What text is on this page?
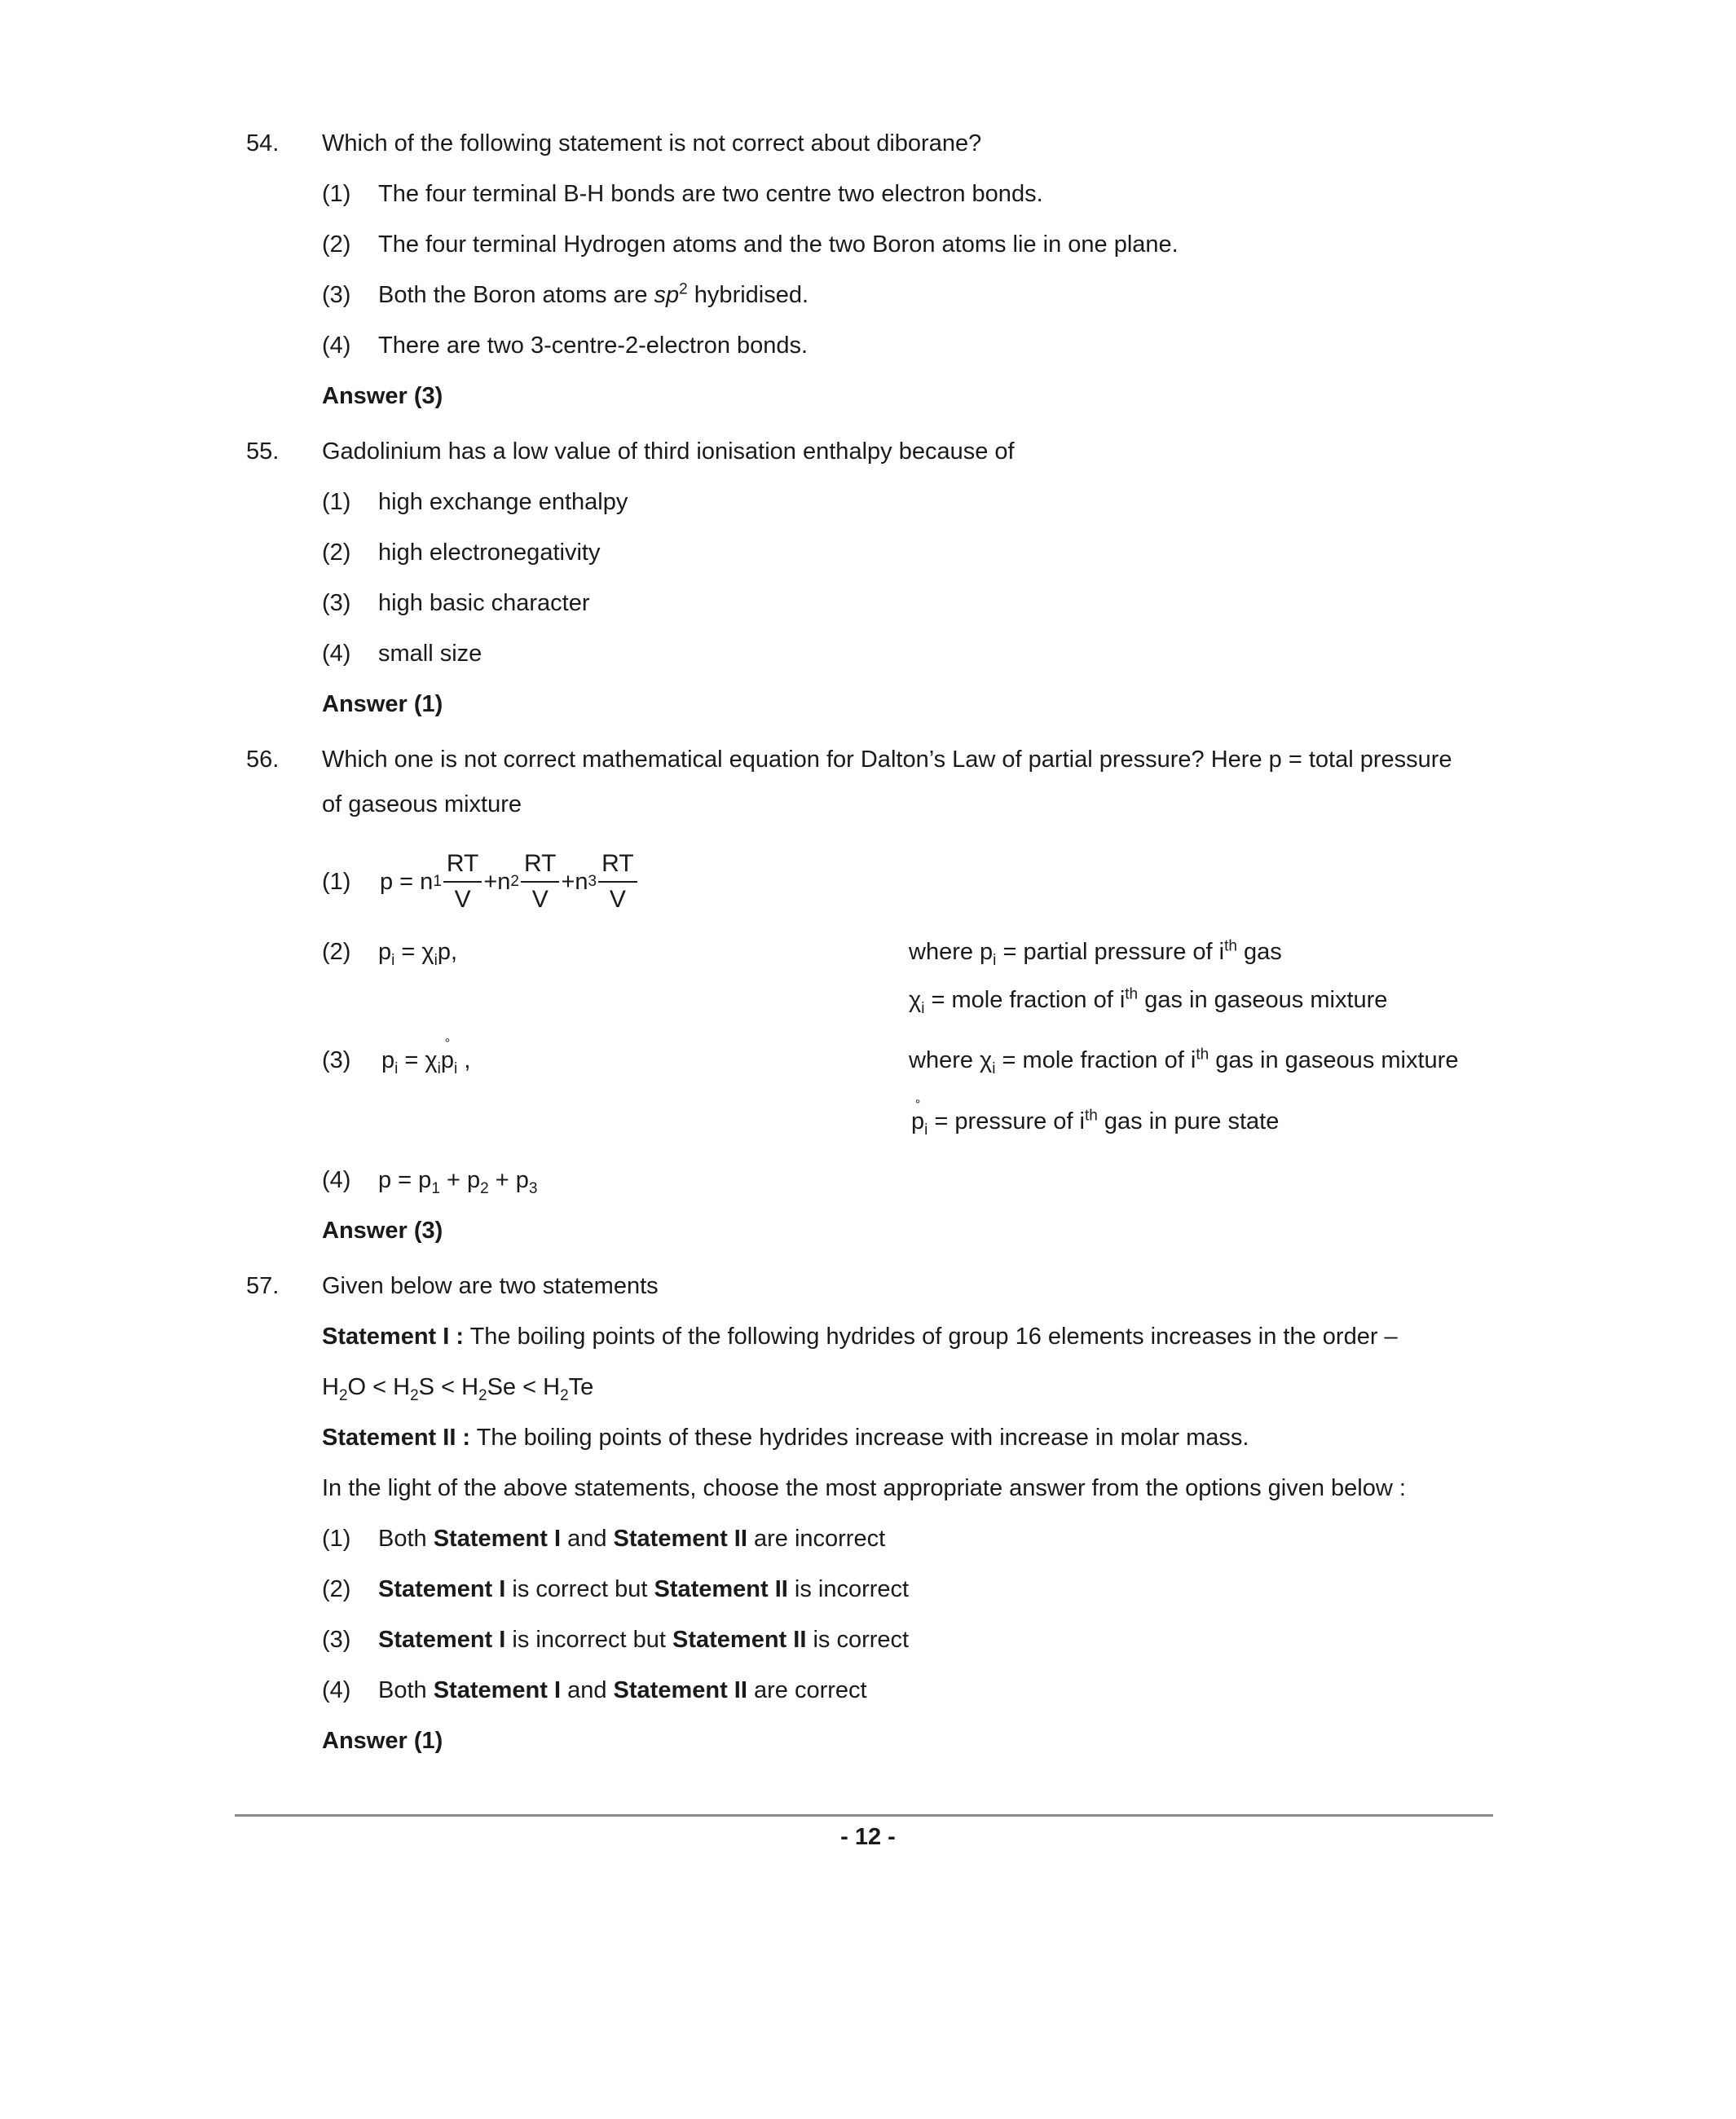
54. Which of the following statement is not correct about diborane?
(1) The four terminal B-H bonds are two centre two electron bonds.
(2) The four terminal Hydrogen atoms and the two Boron atoms lie in one plane.
(3) Both the Boron atoms are $sp^2$ hybridised.
(4) There are two 3-centre-2-electron bonds.
Answer (3)
55. Gadolinium has a low value of third ionisation enthalpy because of
(1) high exchange enthalpy
(2) high electronegativity
(3) high basic character
(4) small size
Answer (1)
56. Which one is not correct mathematical equation for Dalton’s Law of partial pressure? Here p = total pressure
of gaseous mixture
(1) p = n $1 \frac{RT}{V} +n$ $2 \frac{RT}{V} +n$ $3 \frac{RT}{V}$
(2) $p_i = \chi_ip$,	where $p_i$ = partial pressure of $i^{th}$ gas
$\chi_i$ = mole fraction of $i^{th}$ gas in gaseous mixture
(3) $p_i = \chi_ip$
°
$_i$ ,	where $\chi_i$ = mole fraction of $i^{th}$ gas in gaseous mixture
p
°
$_i$ = pressure of $i^{th}$ gas in pure state
(4) $p = p_1 + p_2 + p_3$
Answer (3)
57. Given below are two statements
Statement I : The boiling points of the following hydrides of group 16 elements increases in the order –
$H_2O < H_2S < H_2Se < H_2Te$
Statement II : The boiling points of these hydrides increase with increase in molar mass.
In the light of the above statements, choose the most appropriate answer from the options given below :
(1) Both Statement I and Statement II are incorrect
(2) Statement I is correct but Statement II is incorrect
(3) Statement I is incorrect but Statement II is correct
(4) Both Statement I and Statement II are correct
Answer (1)
- 12 -
